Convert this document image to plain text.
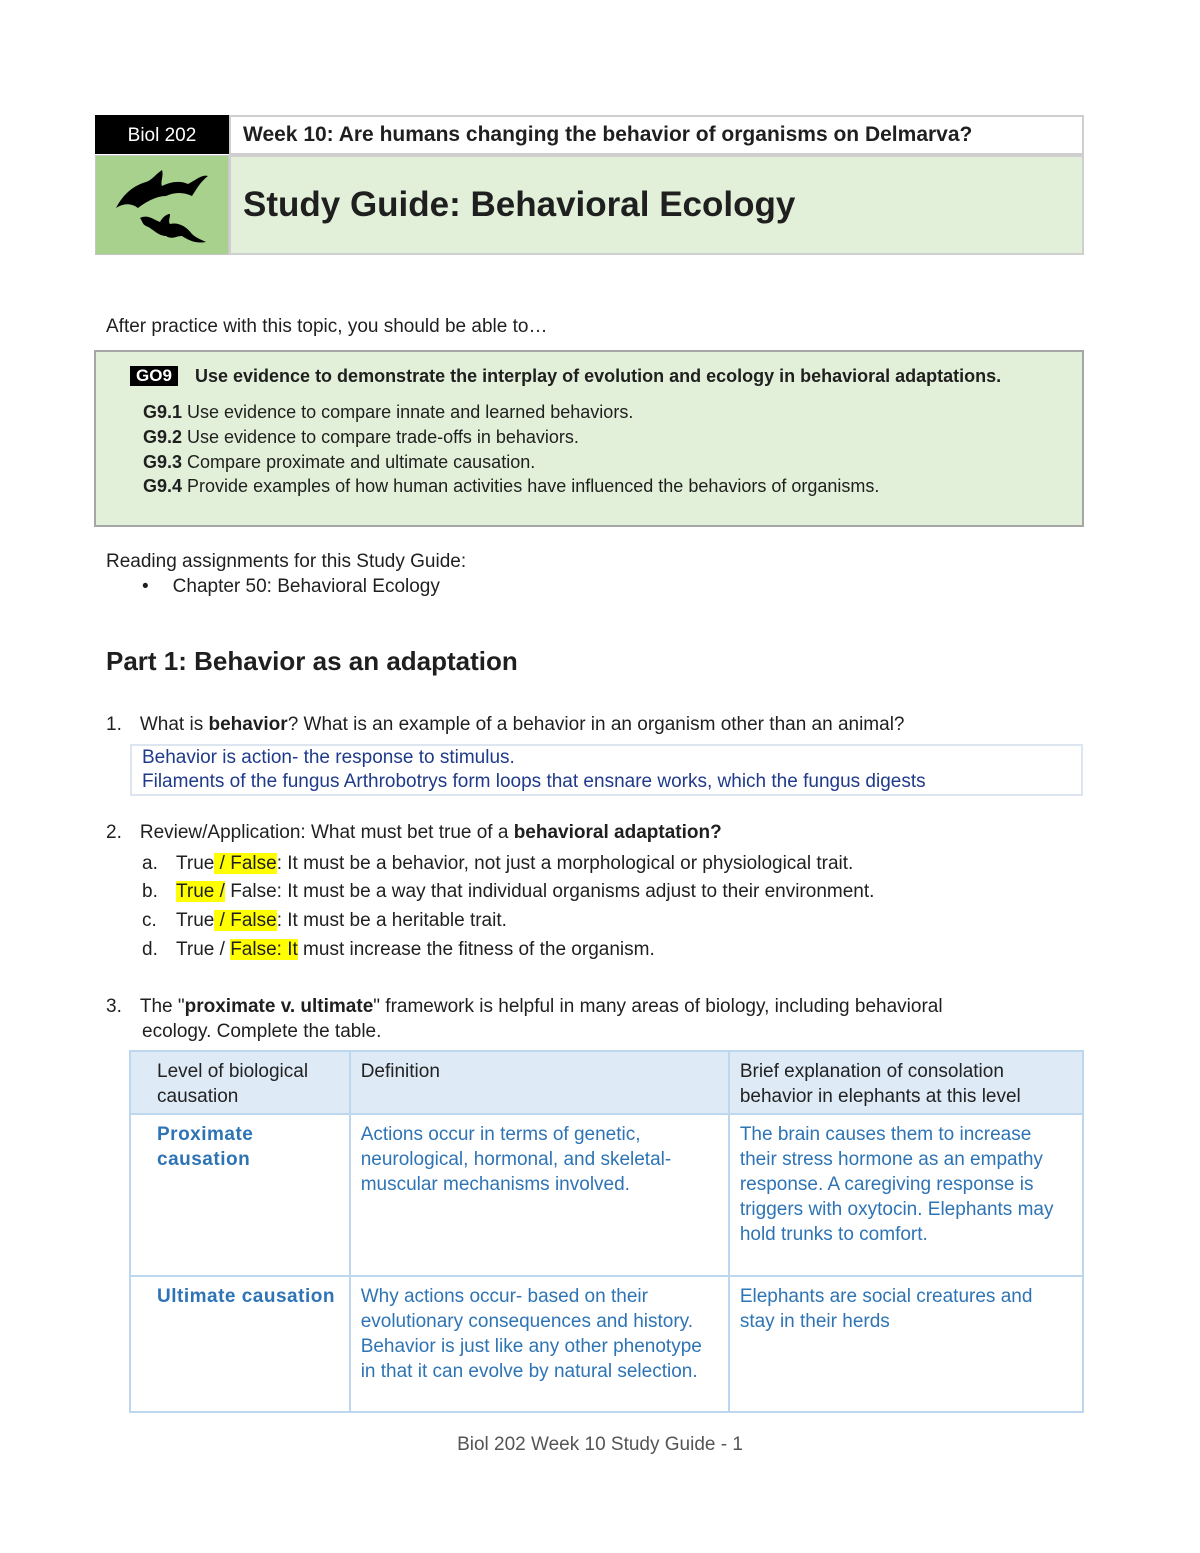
Biol 202	Week 10: Are humans changing the behavior of organisms on Delmarva?
Study Guide: Behavioral Ecology
After practice with this topic, you should be able to…
GO9	Use evidence to demonstrate the interplay of evolution and ecology in behavioral adaptations.
G9.1 Use evidence to compare innate and learned behaviors.
G9.2 Use evidence to compare trade-offs in behaviors.
G9.3 Compare proximate and ultimate causation.
G9.4 Provide examples of how human activities have influenced the behaviors of organisms.
Reading assignments for this Study Guide:
• Chapter 50: Behavioral Ecology
Part 1: Behavior as an adaptation
1. What is behavior? What is an example of a behavior in an organism other than an animal?
Behavior is action- the response to stimulus.
Filaments of the fungus Arthrobotrys form loops that ensnare works, which the fungus digests
2. Review/Application: What must bet true of a behavioral adaptation?
a. True / False: It must be a behavior, not just a morphological or physiological trait.
b. True / False: It must be a way that individual organisms adjust to their environment.
c. True / False: It must be a heritable trait.
d. True / False: It must increase the fitness of the organism.
3. The "proximate v. ultimate" framework is helpful in many areas of biology, including behavioral
ecology. Complete the table.
Level of biological causation	Definition	Brief explanation of consolation behavior in elephants at this level
Proximate causation	Actions occur in terms of genetic, neurological, hormonal, and skeletal-muscular mechanisms involved.	The brain causes them to increase their stress hormone as an empathy response. A caregiving response is triggers with oxytocin. Elephants may hold trunks to comfort.
Ultimate causation	Why actions occur- based on their evolutionary consequences and history. Behavior is just like any other phenotype in that it can evolve by natural selection.	Elephants are social creatures and stay in their herds
Biol 202 Week 10 Study Guide - 1
